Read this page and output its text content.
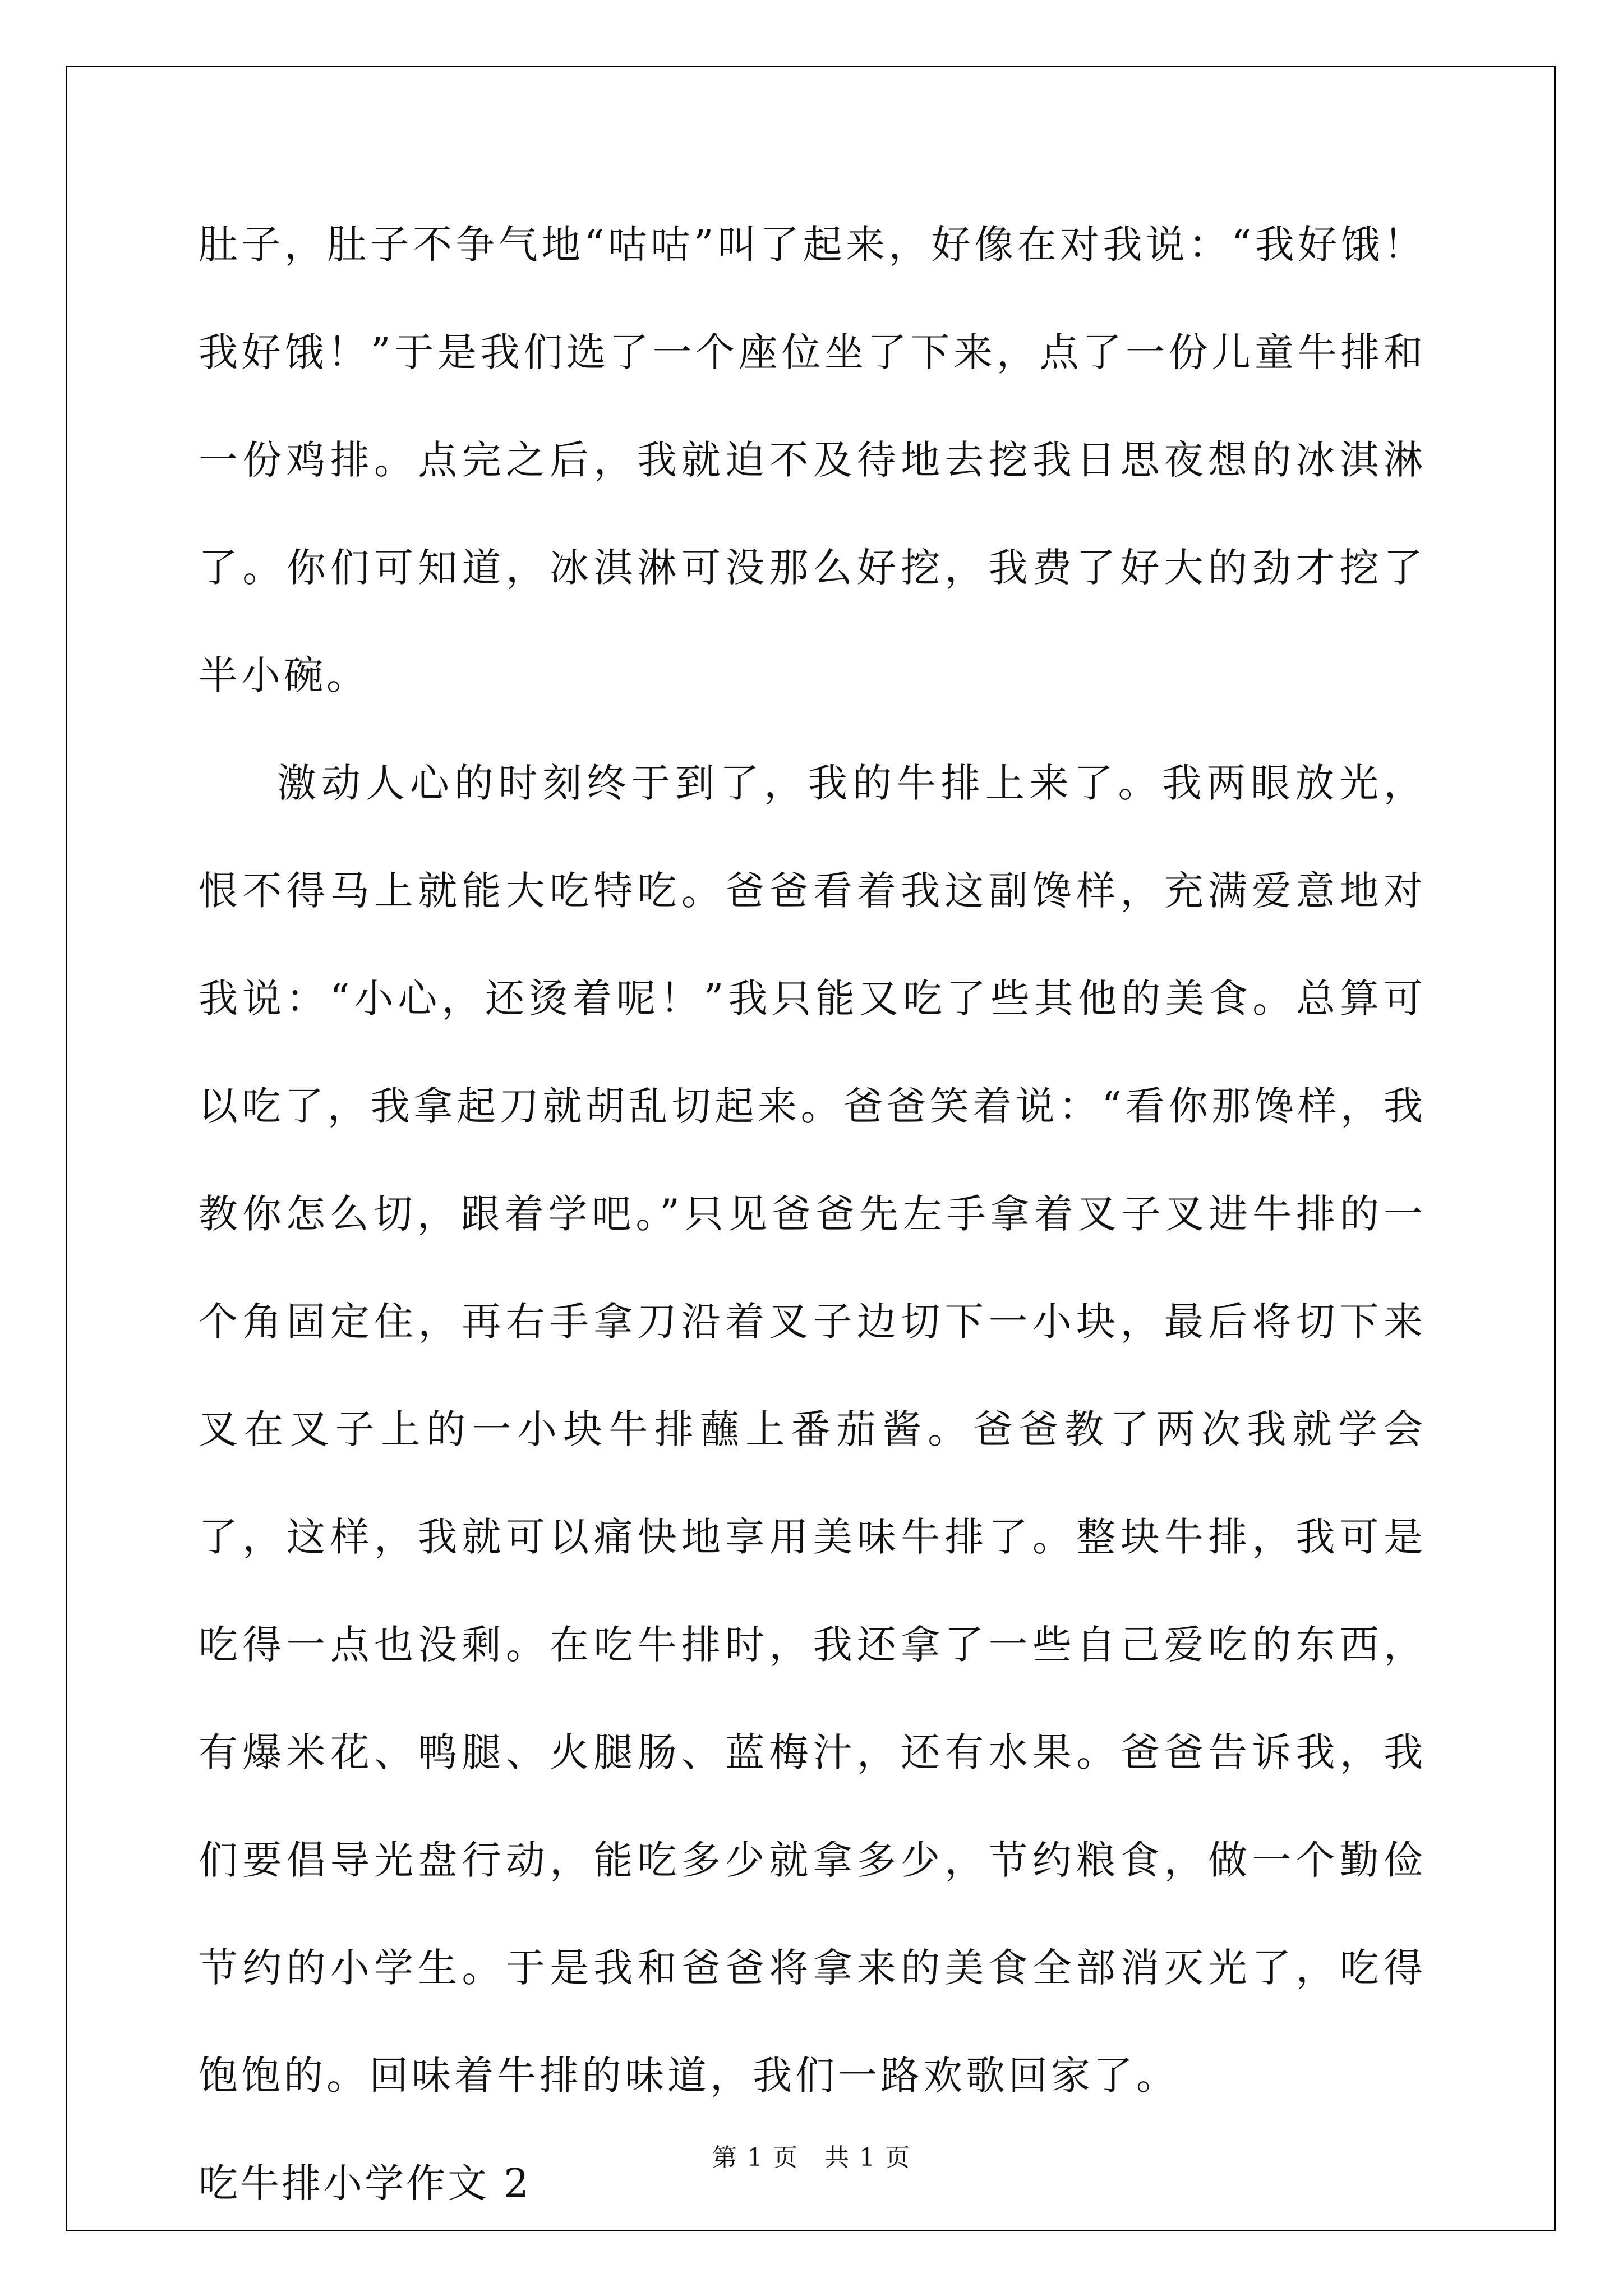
肚子，肚子不争气地“咕咕”叫了起来，好像在对我说：“我好饿！我好饿！”于是我们选了一个座位坐了下来，点了一份儿童牛排和一份鸡排。点完之后，我就迫不及待地去挖我日思夜想的冰淇淋了。你们可知道，冰淇淋可没那么好挖，我费了好大的劲才挖了半小碗。

激动人心的时刻终于到了，我的牛排上来了。我两眼放光，恨不得马上就能大吃特吃。爸爸看着我这副馋样，充满爱意地对我说：“小心，还烫着呢！”我只能又吃了些其他的美食。总算可以吃了，我拿起刀就胡乱切起来。爸爸笑着说：“看你那馋样，我教你怎么切，跟着学吧。”只见爸爸先左手拿着叉子叉进牛排的一个角固定住，再右手拿刀沿着叉子边切下一小块，最后将切下来叉在叉子上的一小块牛排蘸上番茄酱。爸爸教了两次我就学会了，这样，我就可以痛快地享用美味牛排了。整块牛排，我可是吃得一点也没剩。在吃牛排时，我还拿了一些自己爱吃的东西，有爆米花、鸭腿、火腿肠、蓝梅汁，还有水果。爸爸告诉我，我们要倡导光盘行动，能吃多少就拿多少，节约粮食，做一个勤俭节约的小学生。于是我和爸爸将拿来的美食全部消灭光了，吃得饱饱的。回味着牛排的味道，我们一路欢歌回家了。

吃牛排小学作文 2
第 1 页　共 1 页
